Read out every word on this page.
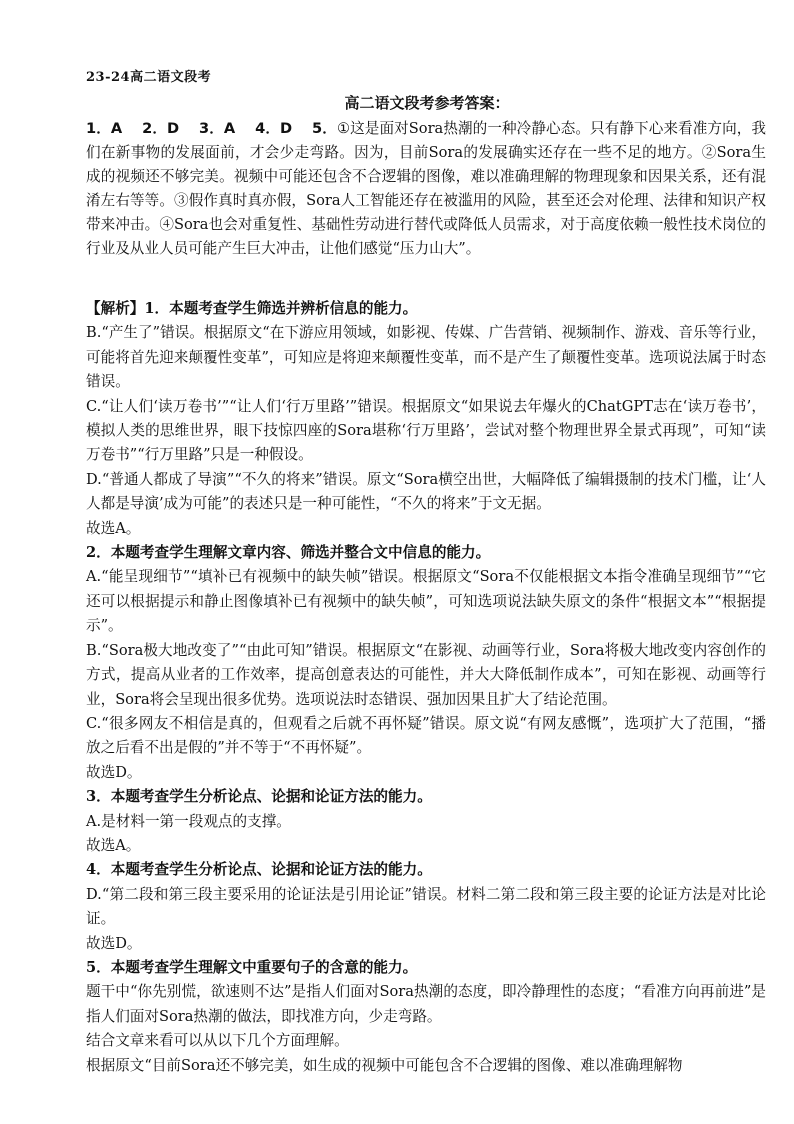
23-24高二语文段考
高二语文段考参考答案：
1．A　 2．D　 3．A　 4．D　 5．①这是面对Sora热潮的一种冷静心态。只有静下心来看准方向，我们在新事物的发展面前，才会少走弯路。因为，目前Sora的发展确实还存在一些不足的地方。②Sora生成的视频还不够完美。视频中可能还包含不合逻辑的图像，难以准确理解的物理现象和因果关系，还有混淆左右等等。③假作真时真亦假，Sora人工智能还存在被滥用的风险，甚至还会对伦理、法律和知识产权带来冲击。④Sora也会对重复性、基础性劳动进行替代或降低人员需求，对于高度依赖一般性技术岗位的行业及从业人员可能产生巨大冲击，让他们感觉“压力山大”。

【解析】1．本题考查学生筛选并辨析信息的能力。

B.“产生了”错误。根据原文“在下游应用领域，如影视、传媒、广告营销、视频制作、游戏、音乐等行业，可能将首先迎来颠覆性变革”，可知应是将迎来颠覆性变革，而不是产生了颠覆性变革。选项说法属于时态错误。

C.“让人们‘读万卷书’”“让人们‘行万里路’”错误。根据原文“如果说去年爆火的ChatGPT志在‘读万卷书’，模拟人类的思维世界，眼下技惊四座的Sora堪称‘行万里路’，尝试对整个物理世界全景式再现”，可知“读万卷书”“行万里路”只是一种假设。

D.“普通人都成了导演”“不久的将来”错误。原文“Sora横空出世，大幅降低了编辑摄制的技术门槛，让‘人人都是导演’成为可能”的表述只是一种可能性，“不久的将来”于文无据。

故选A。

2．本题考查学生理解文章内容、筛选并整合文中信息的能力。

A.“能呈现细节”“填补已有视频中的缺失帧”错误。根据原文“Sora不仅能根据文本指令准确呈现细节”“它还可以根据提示和静止图像填补已有视频中的缺失帧”，可知选项说法缺失原文的条件“根据文本”“根据提示”。

B.“Sora极大地改变了”“由此可知”错误。根据原文“在影视、动画等行业，Sora将极大地改变内容创作的方式，提高从业者的工作效率，提高创意表达的可能性，并大大降低制作成本”，可知在影视、动画等行业，Sora将会呈现出很多优势。选项说法时态错误、强加因果且扩大了结论范围。

C.“很多网友不相信是真的，但观看之后就不再怀疑”错误。原文说“有网友感慨”，选项扩大了范围，“播放之后看不出是假的”并不等于“不再怀疑”。

故选D。

3．本题考查学生分析论点、论据和论证方法的能力。

A.是材料一第一段观点的支撑。

故选A。

4．本题考查学生分析论点、论据和论证方法的能力。

D.“第二段和第三段主要采用的论证法是引用论证”错误。材料二第二段和第三段主要的论证方法是对比论证。

故选D。

5．本题考查学生理解文中重要句子的含意的能力。

题干中“你先别慌，欲速则不达”是指人们面对Sora热潮的态度，即冷静理性的态度；“看准方向再前进”是指人们面对Sora热潮的做法，即找准方向，少走弯路。

结合文章来看可以从以下几个方面理解。

根据原文“目前Sora还不够完美，如生成的视频中可能包含不合逻辑的图像、难以准确理解物
